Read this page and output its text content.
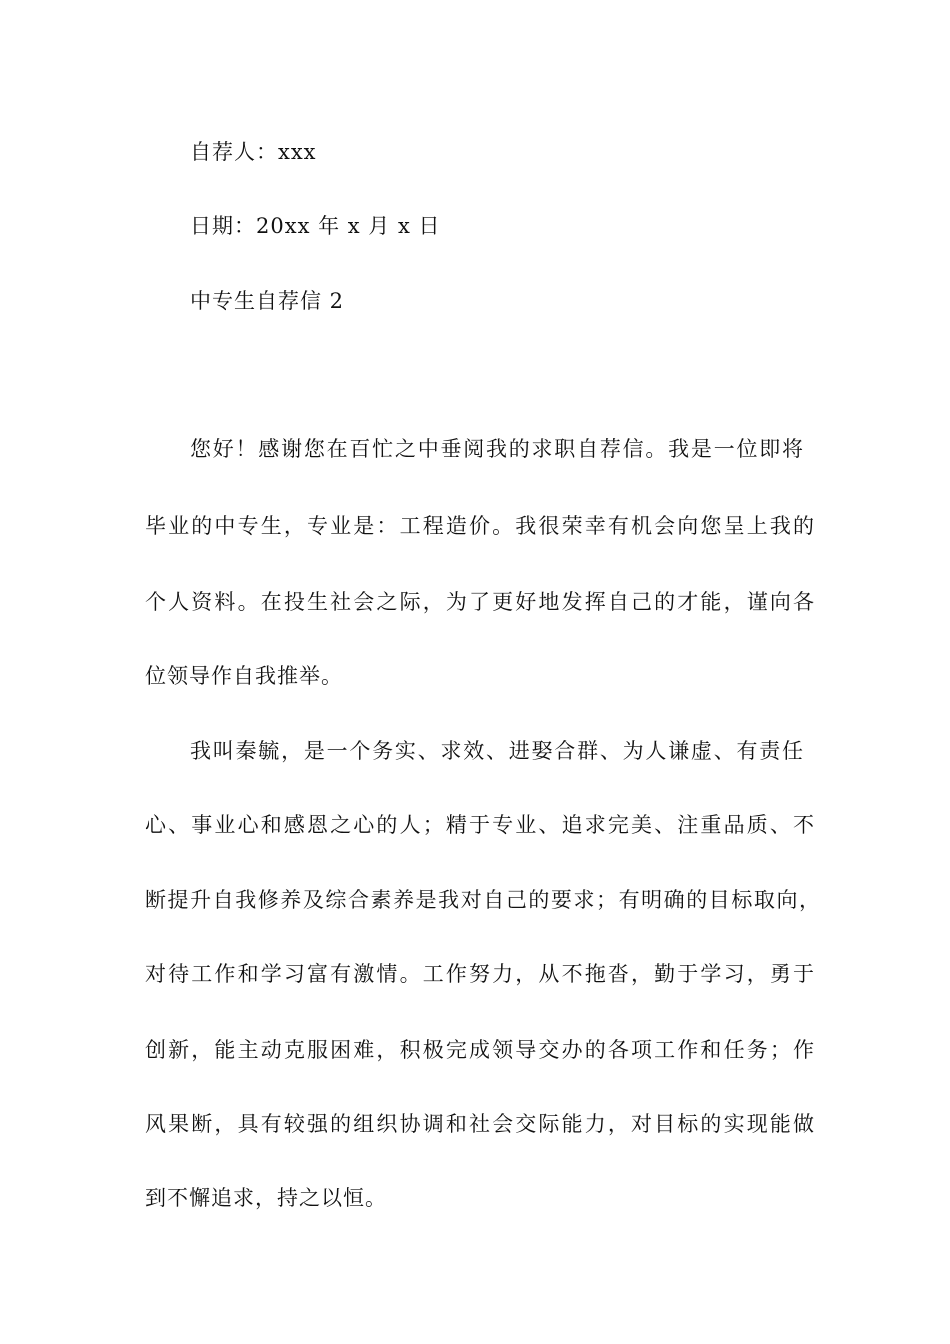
自荐人：xxx
日期：20xx 年 x 月 x 日
中专生自荐信 2
您好！感谢您在百忙之中垂阅我的求职自荐信。我是一位即将
毕业的中专生，专业是：工程造价。我很荣幸有机会向您呈上我的
个人资料。在投生社会之际，为了更好地发挥自己的才能，谨向各
位领导作自我推举。
我叫秦毓，是一个务实、求效、进娶合群、为人谦虚、有责任
心、事业心和感恩之心的人；精于专业、追求完美、注重品质、不
断提升自我修养及综合素养是我对自己的要求；有明确的目标取向，
对待工作和学习富有激情。工作努力，从不拖沓，勤于学习，勇于
创新，能主动克服困难，积极完成领导交办的各项工作和任务；作
风果断，具有较强的组织协调和社会交际能力，对目标的实现能做
到不懈追求，持之以恒。
